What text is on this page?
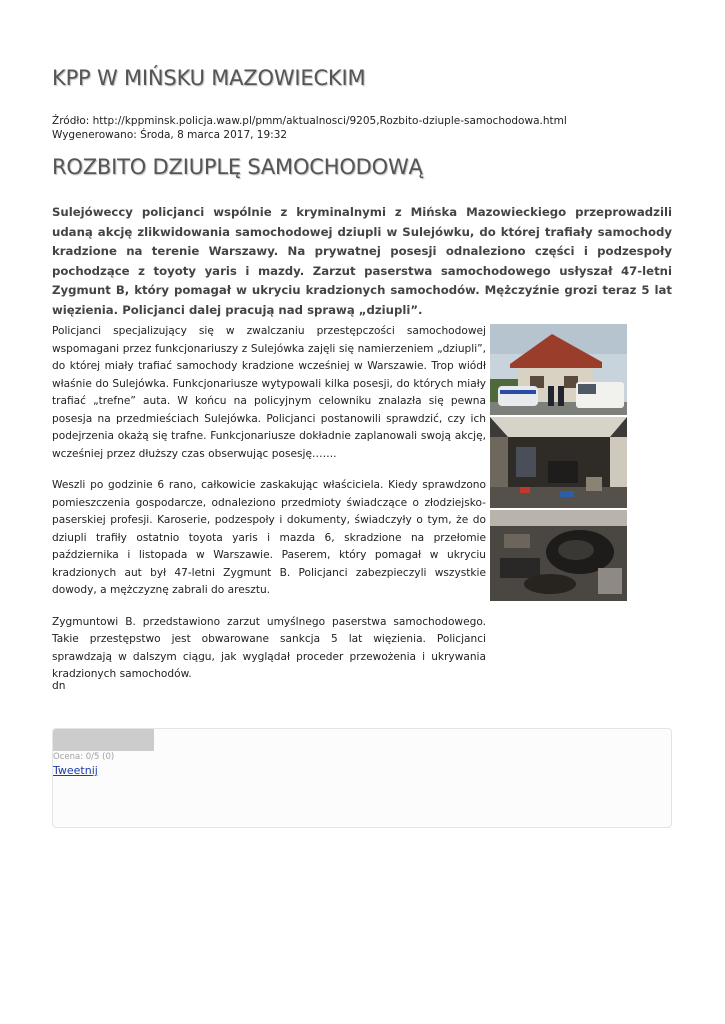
KPP W MIŃSKU MAZOWIECKIM
Źródło: http://kppminsk.policja.waw.pl/pmm/aktualnosci/9205,Rozbito-dziuple-samochodowa.html
Wygenerowano: Środa, 8 marca 2017, 19:32
ROZBITO DZIUPLĘ SAMOCHODOWĄ

Sulejóweccy policjanci wspólnie z kryminalnymi z Mińska Mazowieckiego przeprowadzili udaną akcję zlikwidowania samochodowej dziupli w Sulejówku, do której trafiały samochody kradzione na terenie Warszawy. Na prywatnej posesji odnaleziono części i podzespoły pochodzące z toyoty yaris i mazdy. Zarzut paserstwa samochodowego usłyszał 47-letni Zygmunt B, który pomagał w ukryciu kradzionych samochodów. Mężczyźnie grozi teraz 5 lat więzienia. Policjanci dalej pracują nad sprawą „dziupli”.

Policjanci specjalizujący się w zwalczaniu przestępczości samochodowej wspomagani przez funkcjonariuszy z Sulejówka zajęli się namierzeniem „dziupli”, do której miały trafiać samochody kradzione wcześniej w Warszawie. Trop wiódł właśnie do Sulejówka. Funkcjonariusze wytypowali kilka posesji, do których miały trafiać „trefne” auta. W końcu na policyjnym celowniku znalazła się pewna posesja na przedmieściach Sulejówka. Policjanci postanowili sprawdzić, czy ich podejrzenia okażą się trafne. Funkcjonariusze dokładnie zaplanowali swoją akcję, wcześniej przez dłuższy czas obserwując posesję…….

Weszli po godzinie 6 rano, całkowicie zaskakując właściciela. Kiedy sprawdzono pomieszczenia gospodarcze, odnaleziono przedmioty świadczące o złodziejsko-paserskiej profesji. Karoserie, podzespoły i dokumenty, świadczyły o tym, że do dziupli trafiły ostatnio toyota yaris i mazda 6, skradzione na przełomie października i listopada w Warszawie. Paserem, który pomagał w ukryciu kradzionych aut był 47-letni Zygmunt B. Policjanci zabezpieczyli wszystkie dowody, a mężczyznę zabrali do aresztu.

Zygmuntowi B. przedstawiono zarzut umyślnego paserstwa samochodowego. Takie przestępstwo jest obwarowane sankcja 5 lat więzienia. Policjanci sprawdzają w dalszym ciągu, jak wyglądał proceder przewożenia i ukrywania kradzionych samochodów.

dn
Ocena: 0/5 (0)
Tweetnij
